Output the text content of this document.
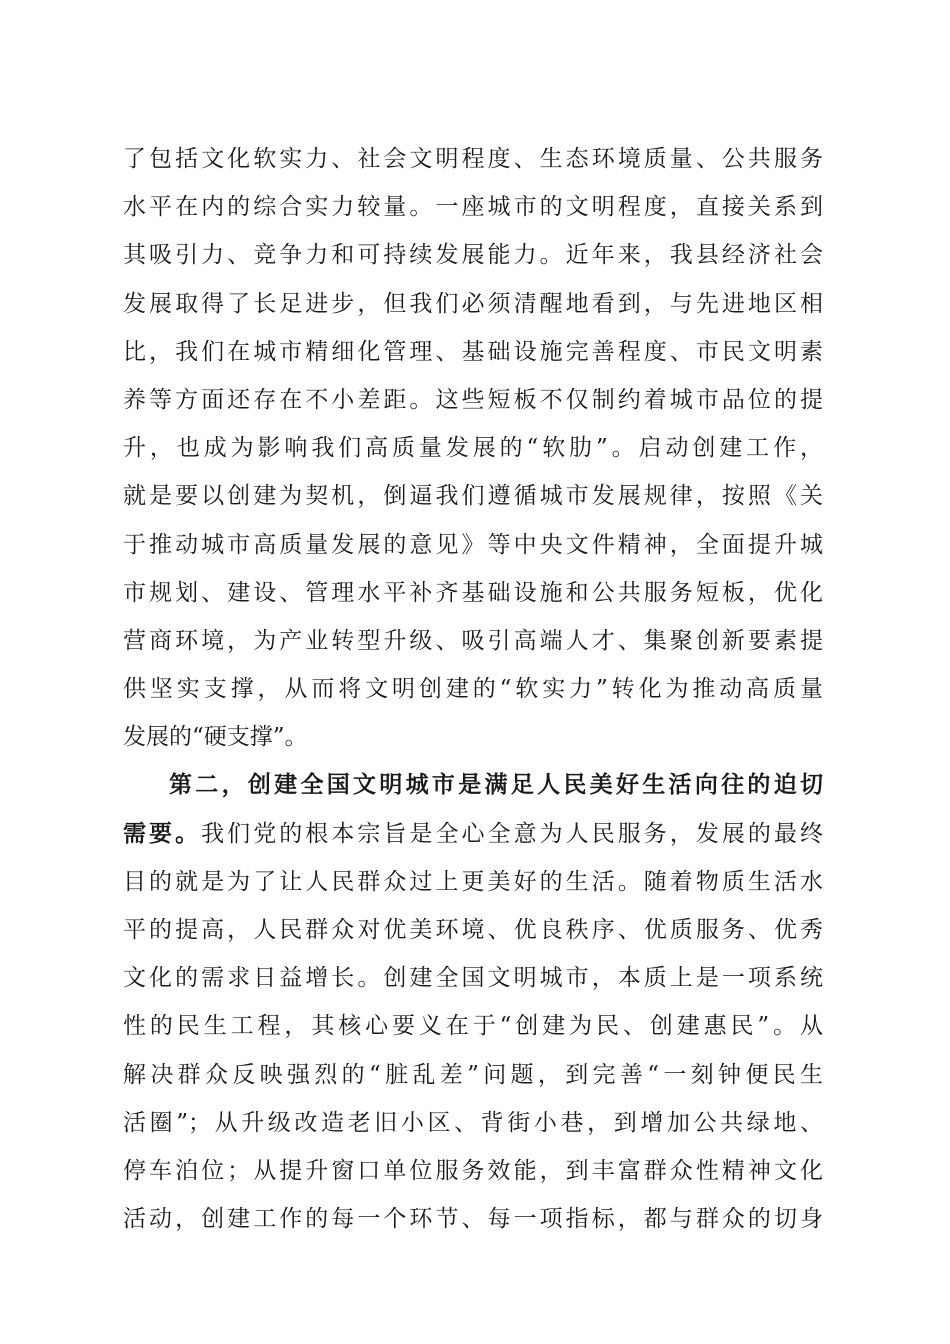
了包括文化软实力、社会文明程度、生态环境质量、公共服务
水平在内的综合实力较量。一座城市的文明程度，直接关系到
其吸引力、竞争力和可持续发展能力。近年来，我县经济社会
发展取得了长足进步，但我们必须清醒地看到，与先进地区相
比，我们在城市精细化管理、基础设施完善程度、市民文明素
养等方面还存在不小差距。这些短板不仅制约着城市品位的提
升，也成为影响我们高质量发展的“软肋”。启动创建工作，
就是要以创建为契机，倒逼我们遵循城市发展规律，按照《关
于推动城市高质量发展的意见》等中央文件精神，全面提升城
市规划、建设、管理水平补齐基础设施和公共服务短板，优化
营商环境，为产业转型升级、吸引高端人才、集聚创新要素提
供坚实支撑，从而将文明创建的“软实力”转化为推动高质量
发展的“硬支撑”。
第二，创建全国文明城市是满足人民美好生活向往的迫切
需要。我们党的根本宗旨是全心全意为人民服务，发展的最终
目的就是为了让人民群众过上更美好的生活。随着物质生活水
平的提高，人民群众对优美环境、优良秩序、优质服务、优秀
文化的需求日益增长。创建全国文明城市，本质上是一项系统
性的民生工程，其核心要义在于“创建为民、创建惠民”。从
解决群众反映强烈的“脏乱差”问题，到完善“一刻钟便民生
活圈”；从升级改造老旧小区、背街小巷，到增加公共绿地、
停车泊位；从提升窗口单位服务效能，到丰富群众性精神文化
活动，创建工作的每一个环节、每一项指标，都与群众的切身
